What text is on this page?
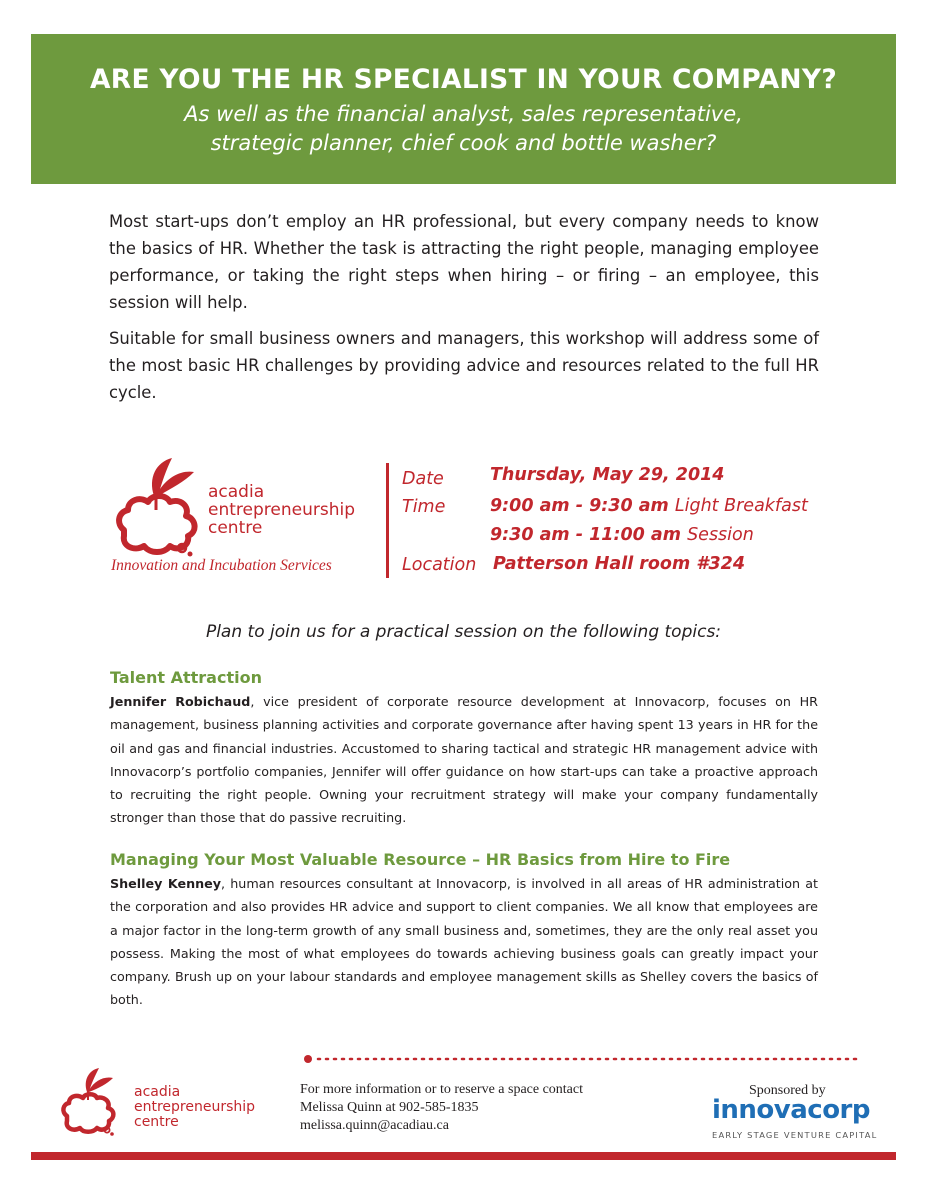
ARE YOU THE HR SPECIALIST IN YOUR COMPANY?
As well as the financial analyst, sales representative,
strategic planner, chief cook and bottle washer?

Most start-ups don’t employ an HR professional, but every company needs to know the basics of HR. Whether the task is attracting the right people, managing employee performance, or taking the right steps when hiring – or firing – an employee, this session will help.

Suitable for small business owners and managers, this workshop will address some of the most basic HR challenges by providing advice and resources related to the full HR cycle.

acadia
entrepreneurship
centre
Innovation and Incubation Services
Date	Thursday, May 29, 2014
Time	9:00 am - 9:30 am Light Breakfast
9:30 am - 11:00 am Session
Location Patterson Hall room #324
Plan to join us for a practical session on the following topics:
Talent Attraction
Jennifer Robichaud, vice president of corporate resource development at Innovacorp, focuses on HR management, business planning activities and corporate governance after having spent 13 years in HR for the oil and gas and financial industries. Accustomed to sharing tactical and strategic HR management advice with Innovacorp’s portfolio companies, Jennifer will offer guidance on how start-ups can take a proactive approach to recruiting the right people. Owning your recruitment strategy will make your company fundamentally stronger than those that do passive recruiting.
Managing Your Most Valuable Resource – HR Basics from Hire to Fire
Shelley Kenney, human resources consultant at Innovacorp, is involved in all areas of HR administration at the corporation and also provides HR advice and support to client companies. We all know that employees are a major factor in the long-term growth of any small business and, sometimes, they are the only real asset you possess. Making the most of what employees do towards achieving business goals can greatly impact your company. Brush up on your labour standards and employee management skills as Shelley covers the basics of both.
acadia
entrepreneurship
centre
For more information or to reserve a space contact
Melissa Quinn at 902-585-1835
melissa.quinn@acadiau.ca
Sponsored by
innovacorp
EARLY STAGE VENTURE CAPITAL
